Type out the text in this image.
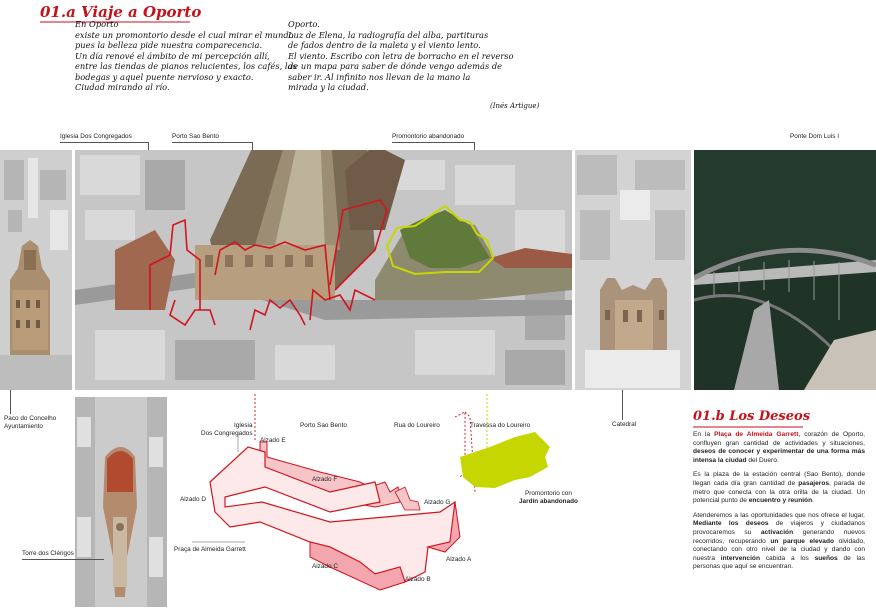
01.a Viaje a Oporto
En Oporto
existe un promontorio desde el cual mirar el mundo
pues la belleza pide nuestra comparecencia.
Un día renové el ámbito de mi percepción allí,
entre las tiendas de pianos relucientes, los cafés, las
bodegas y aquel puente nervioso y exacto.
Ciudad mirando al río.
Oporto.
Luz de Elena, la radiografía del alba, partituras
de fados dentro de la maleta y el viento lento.
El viento. Escribo con letra de borracho en el reverso
de un mapa para saber de dónde vengo además de
saber ir. Al infinito nos llevan de la mano la
mirada y la ciudad.
(Inés Artigue)
Iglesia Dos Congregados	Porto Sao Bento	Promontorio abandonado	Ponte Dom Luis I
Paco do Concelho
Ayuntamiento	Catedral
Torre dos Clérigos
Iglesia
Dos Congregados
Alzado E
Porto Sao Bento	Rua do Loureiro	Travessa do Loureiro
Alzado F
Alzado D	Alzado G
Promontorio con
Jardín abandonado
Praça de Almeida Garrett
Alzado C
Alzado A
Alzado B
01.b Los Deseos

En la Plaça de Almeida Garrett, corazón de Oporto, confluyen gran cantidad de actividades y situaciones, deseos de conocer y experimentar de una forma más intensa la ciudad del Duero.

Es la plaza de la estación central (Sao Bento), donde llegan cada día gran cantidad de pasajeros, parada de metro que conecta con la otra orilla de la ciudad. Un potencial punto de encuentro y reunión.

Atenderemos a las oportunidades que nos ofrece el lugar. Mediante los deseos de viajeros y ciudadanos provocaremos su activación generando nuevos recorridos, recuperando un parque elevado olvidado, conectando con otro nivel de la ciudad y dando con nuestra intervención cabida a los sueños de las personas que aquí se encuentran.
